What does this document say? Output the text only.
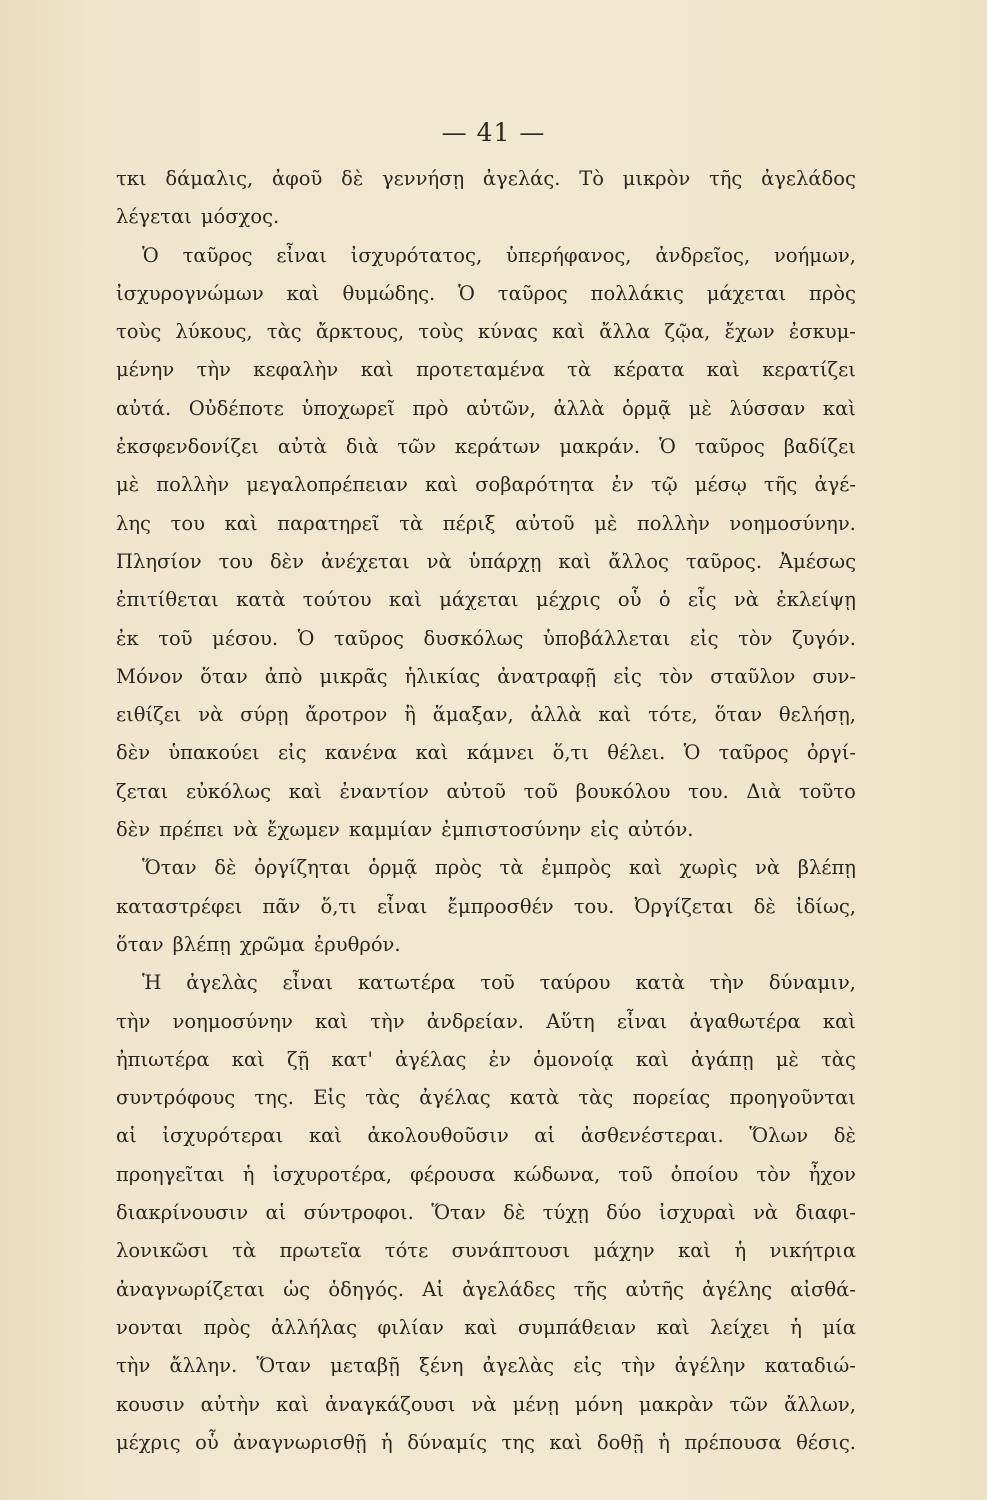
— 41 —
τκι δάμαλις, ἀφοῦ δὲ γεννήσῃ ἀγελάς. Τὸ μικρὸν τῆς ἀγελάδος
λέγεται μόσχος.
Ὁ ταῦρος εἶναι ἰσχυρότατος, ὑπερήφανος, ἀνδρεῖος, νοήμων,
ἰσχυρογνώμων καὶ θυμώδης. Ὁ ταῦρος πολλάκις μάχεται πρὸς
τοὺς λύκους, τὰς ἄρκτους, τοὺς κύνας καὶ ἄλλα ζῷα, ἔχων ἐσκυμ-
μένην τὴν κεφαλὴν καὶ προτεταμένα τὰ κέρατα καὶ κερατίζει
αὐτά. Οὐδέποτε ὑποχωρεῖ πρὸ αὐτῶν, ἀλλὰ ὁρμᾷ μὲ λύσσαν καὶ
ἐκσφενδονίζει αὐτὰ διὰ τῶν κεράτων μακράν. Ὁ ταῦρος βαδίζει
μὲ πολλὴν μεγαλοπρέπειαν καὶ σοβαρότητα ἐν τῷ μέσῳ τῆς ἀγέ-
λης του καὶ παρατηρεῖ τὰ πέριξ αὐτοῦ μὲ πολλὴν νοημοσύνην.
Πλησίον του δὲν ἀνέχεται νὰ ὑπάρχῃ καὶ ἄλλος ταῦρος. Ἀμέσως
ἐπιτίθεται κατὰ τούτου καὶ μάχεται μέχρις οὗ ὁ εἷς νὰ ἐκλείψῃ
ἐκ τοῦ μέσου. Ὁ ταῦρος δυσκόλως ὑποβάλλεται εἰς τὸν ζυγόν.
Μόνον ὅταν ἀπὸ μικρᾶς ἡλικίας ἀνατραφῇ εἰς τὸν σταῦλον συν-
ειθίζει νὰ σύρῃ ἄροτρον ἢ ἅμαξαν, ἀλλὰ καὶ τότε, ὅταν θελήσῃ,
δὲν ὑπακούει εἰς κανένα καὶ κάμνει ὅ,τι θέλει. Ὁ ταῦρος ὀργί-
ζεται εὐκόλως καὶ ἐναντίον αὐτοῦ τοῦ βουκόλου του. Διὰ τοῦτο
δὲν πρέπει νὰ ἔχωμεν καμμίαν ἐμπιστοσύνην εἰς αὐτόν.
Ὅταν δὲ ὀργίζηται ὁρμᾷ πρὸς τὰ ἐμπρὸς καὶ χωρὶς νὰ βλέπῃ
καταστρέφει πᾶν ὅ,τι εἶναι ἔμπροσθέν του. Ὀργίζεται δὲ ἰδίως,
ὅταν βλέπῃ χρῶμα ἐρυθρόν.
Ἡ ἀγελὰς εἶναι κατωτέρα τοῦ ταύρου κατὰ τὴν δύναμιν,
τὴν νοημοσύνην καὶ τὴν ἀνδρείαν. Αὕτη εἶναι ἀγαθωτέρα καὶ
ἠπιωτέρα καὶ ζῇ κατ' ἀγέλας ἐν ὁμονοίᾳ καὶ ἀγάπῃ μὲ τὰς
συντρόφους της. Εἰς τὰς ἀγέλας κατὰ τὰς πορείας προηγοῦνται
αἱ ἰσχυρότεραι καὶ ἀκολουθοῦσιν αἱ ἀσθενέστεραι. Ὅλων δὲ
προηγεῖται ἡ ἰσχυροτέρα, φέρουσα κώδωνα, τοῦ ὁποίου τὸν ἦχον
διακρίνουσιν αἱ σύντροφοι. Ὅταν δὲ τύχῃ δύο ἰσχυραὶ νὰ διαφι-
λονικῶσι τὰ πρωτεῖα τότε συνάπτουσι μάχην καὶ ἡ νικήτρια
ἀναγνωρίζεται ὡς ὁδηγός. Αἱ ἀγελάδες τῆς αὐτῆς ἀγέλης αἰσθά-
νονται πρὸς ἀλλήλας φιλίαν καὶ συμπάθειαν καὶ λείχει ἡ μία
τὴν ἄλλην. Ὅταν μεταβῇ ξένη ἀγελὰς εἰς τὴν ἀγέλην καταδιώ-
κουσιν αὐτὴν καὶ ἀναγκάζουσι νὰ μένῃ μόνη μακρὰν τῶν ἄλλων,
μέχρις οὗ ἀναγνωρισθῇ ἡ δύναμίς της καὶ δοθῇ ἡ πρέπουσα θέσις.
